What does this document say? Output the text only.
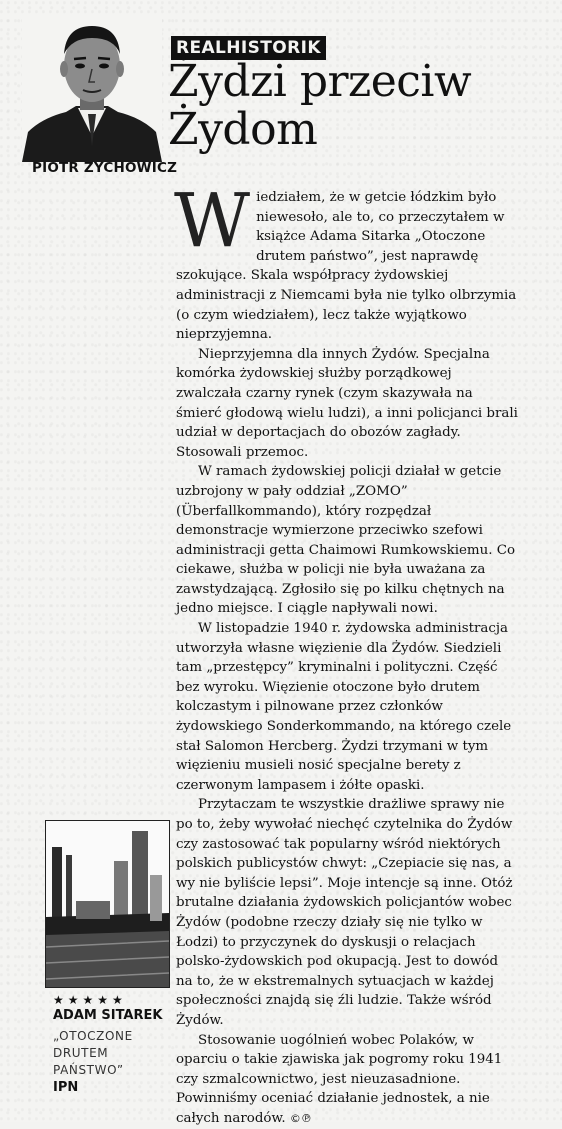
PIOTR ZYCHOWICZ
REALHISTORIK
Żydzi przeciw
Żydom

W iedziałem, że w getcie łódzkim było niewesoło, ale to, co przeczytałem w książce Adama Sitarka „Otoczone drutem państwo”, jest naprawdę szokujące. Skala współpracy żydowskiej administracji z Niemcami była nie tylko olbrzymia (o czym wiedziałem), lecz także wyjątkowo nieprzyjemna.

Nieprzyjemna dla innych Żydów. Specjalna komórka żydowskiej służby porządkowej zwalczała czarny rynek (czym skazywała na śmierć głodową wielu ludzi), a inni policjanci brali udział w deportacjach do obozów zagłady. Stosowali przemoc.

W ramach żydowskiej policji działał w getcie uzbrojony w pały oddział „ZOMO” (Überfallkommando), który rozpędzał demonstracje wymierzone przeciwko szefowi administracji getta Chaimowi Rumkowskiemu. Co ciekawe, służba w policji nie była uważana za zawstydzającą. Zgłosiło się po kilku chętnych na jedno miejsce. I ciągle napływali nowi.

W listopadzie 1940 r. żydowska administracja utworzyła własne więzienie dla Żydów. Siedzieli tam „przestępcy” kryminalni i polityczni. Część bez wyroku. Więzienie otoczone było drutem kolczastym i pilnowane przez członków żydowskiego Sonderkommando, na którego czele stał Salomon Hercberg. Żydzi trzymani w tym więzieniu musieli nosić specjalne berety z czerwonym lampasem i żółte opaski.

Przytaczam te wszystkie drażliwe sprawy nie po to, żeby wywołać niechęć czytelnika do Żydów czy zastosować tak popularny wśród niektórych polskich publicystów chwyt: „Czepiacie się nas, a wy nie byliście lepsi”. Moje intencje są inne. Otóż brutalne działania żydowskich policjantów wobec Żydów (podobne rzeczy działy się nie tylko w Łodzi) to przyczynek do dyskusji o relacjach polsko-żydowskich pod okupacją. Jest to dowód na to, że w ekstremalnych sytuacjach w każdej społeczności znajdą się źli ludzie. Także wśród Żydów.

Stosowanie uogólnień wobec Polaków, w oparciu o takie zjawiska jak pogromy roku 1941 czy szmalcownictwo, jest nieuzasadnione. Powinniśmy oceniać działanie jednostek, a nie całych narodów. ©℗

★★★★★
ADAM SITAREK
„OTOCZONE
DRUTEM
PAŃSTWO”
IPN
